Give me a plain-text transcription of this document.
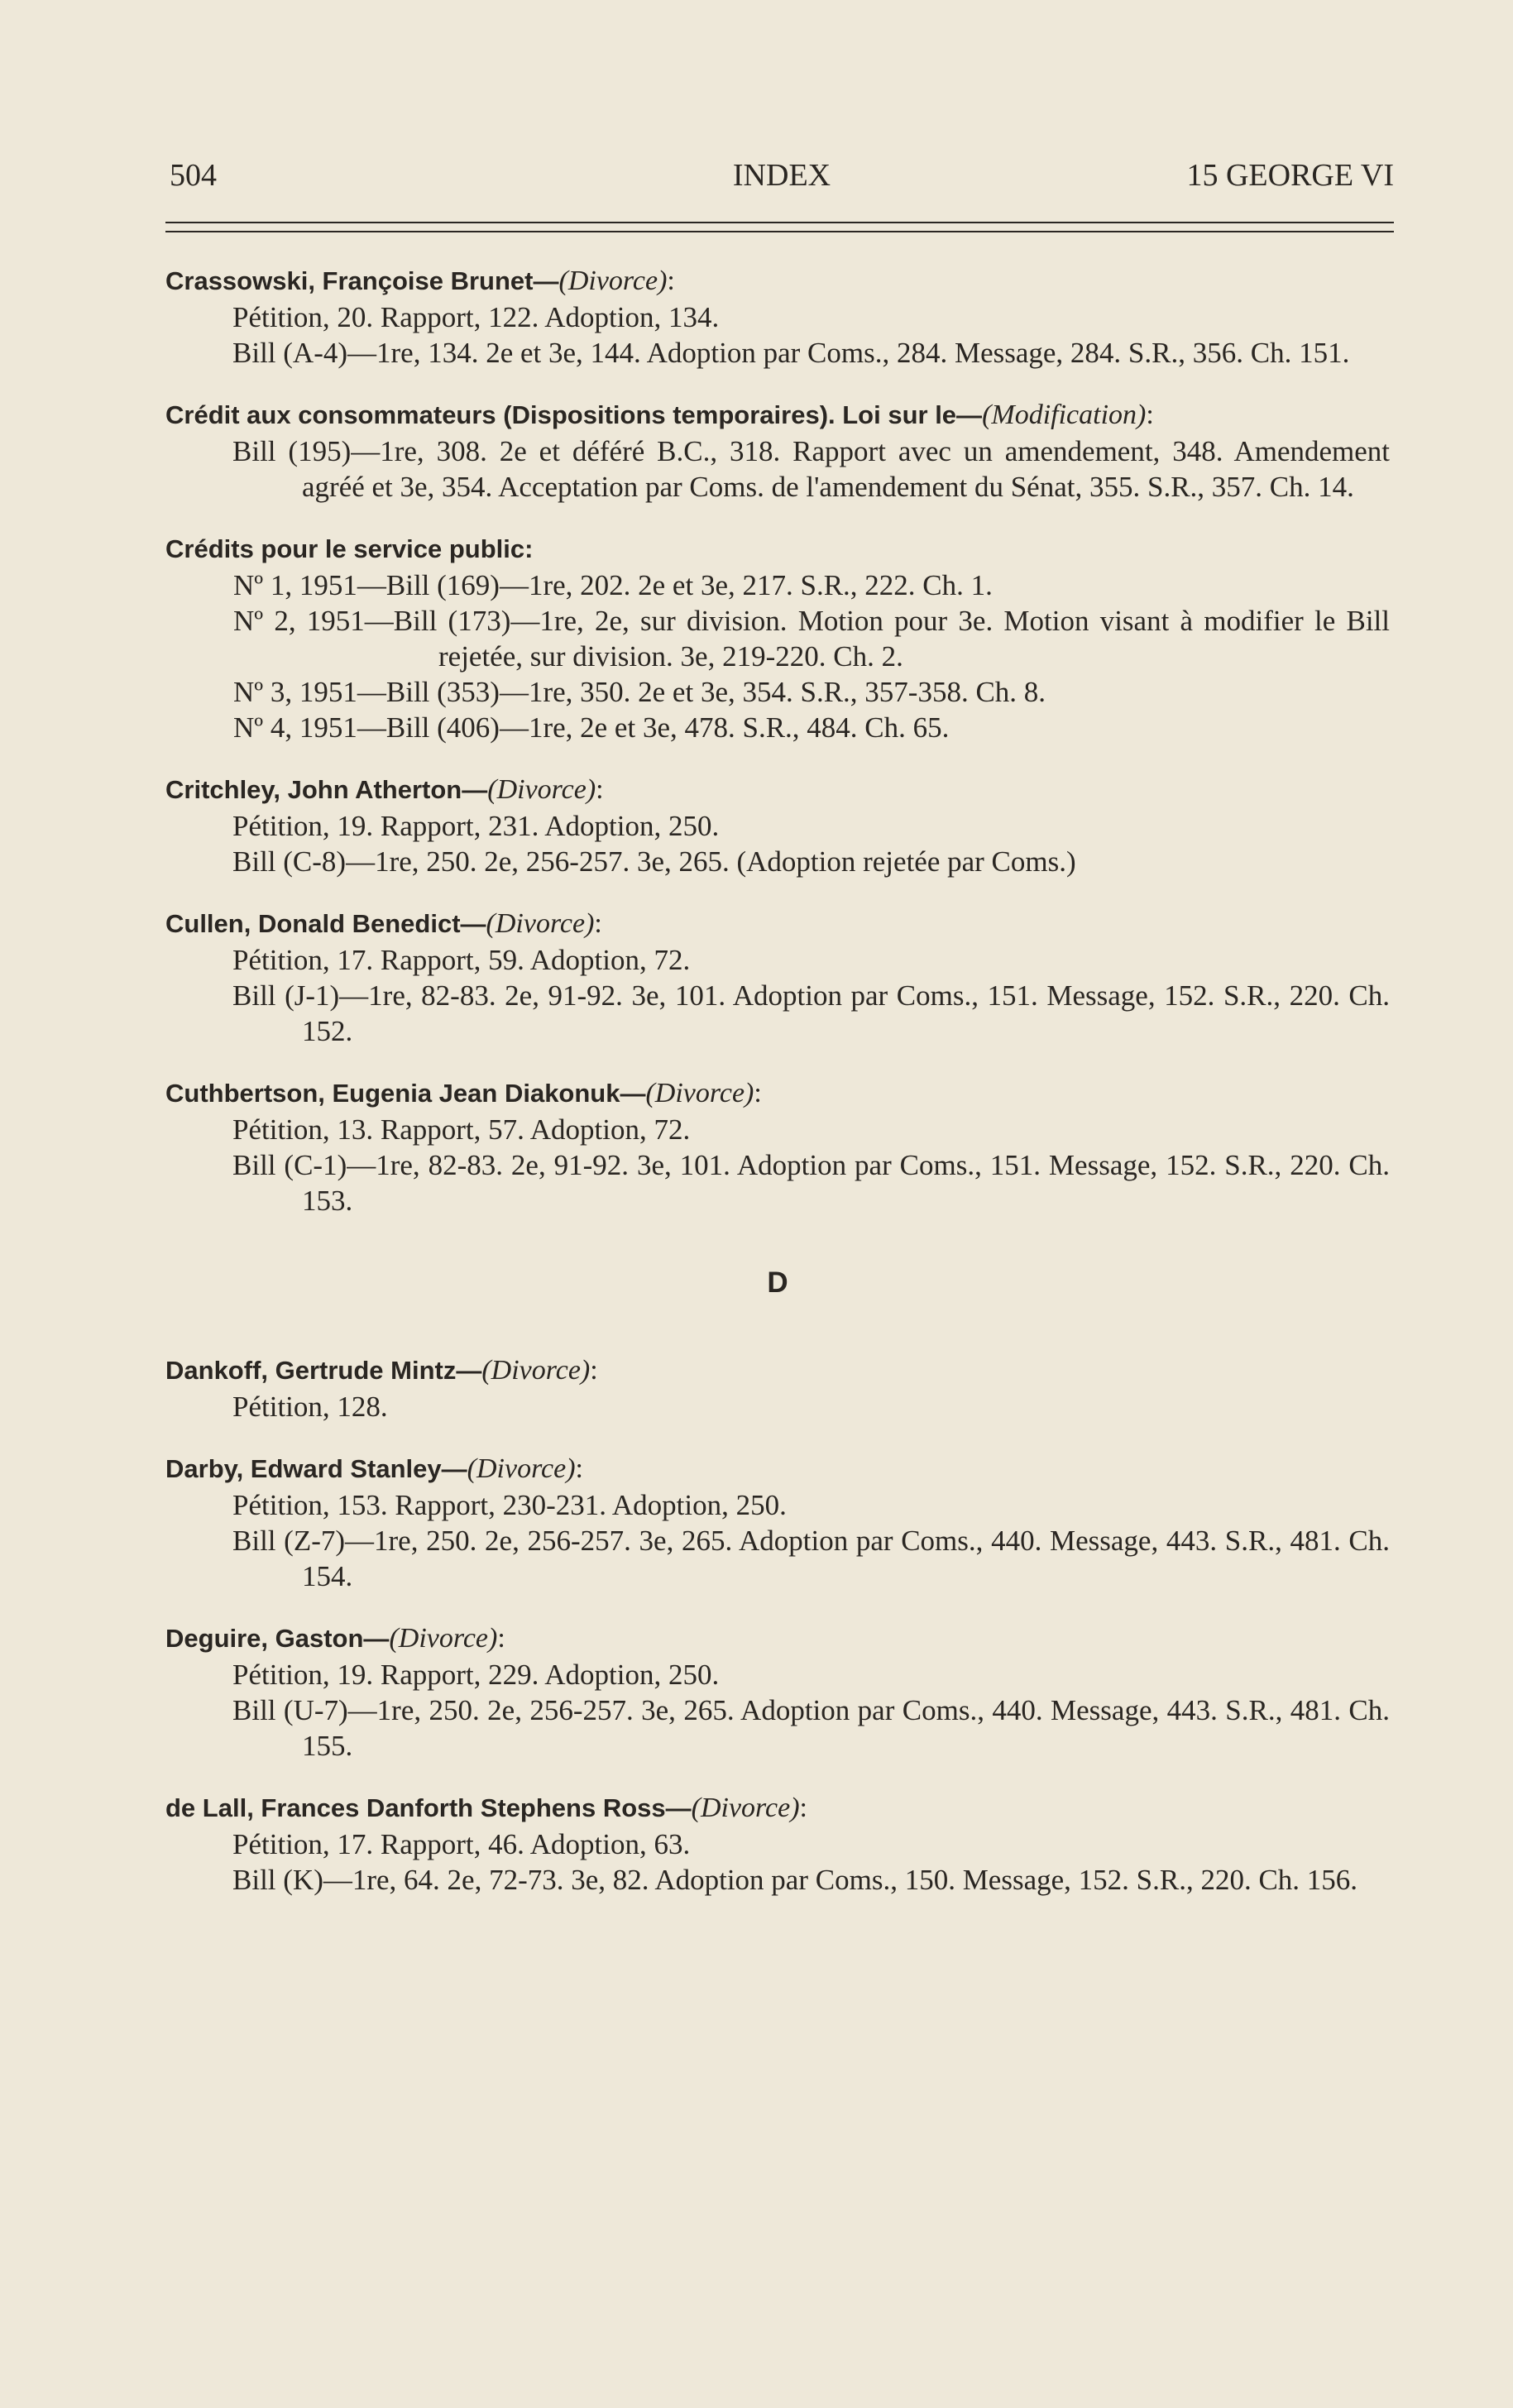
504	INDEX	15 GEORGE VI
Crassowski, Françoise Brunet—(Divorce):
Pétition, 20. Rapport, 122. Adoption, 134.
Bill (A-4)—1re, 134. 2e et 3e, 144. Adoption par Coms., 284. Message, 284. S.R., 356. Ch. 151.
Crédit aux consommateurs (Dispositions temporaires). Loi sur le—(Modification):
Bill (195)—1re, 308. 2e et déféré B.C., 318. Rapport avec un amendement, 348. Amendement agréé et 3e, 354. Acceptation par Coms. de l'amendement du Sénat, 355. S.R., 357. Ch. 14.
Crédits pour le service public:
Nº 1, 1951—Bill (169)—1re, 202. 2e et 3e, 217. S.R., 222. Ch. 1.
Nº 2, 1951—Bill (173)—1re, 2e, sur division. Motion pour 3e. Motion visant à modifier le Bill rejetée, sur division. 3e, 219-220. Ch. 2.
Nº 3, 1951—Bill (353)—1re, 350. 2e et 3e, 354. S.R., 357-358. Ch. 8.
Nº 4, 1951—Bill (406)—1re, 2e et 3e, 478. S.R., 484. Ch. 65.
Critchley, John Atherton—(Divorce):
Pétition, 19. Rapport, 231. Adoption, 250.
Bill (C-8)—1re, 250. 2e, 256-257. 3e, 265. (Adoption rejetée par Coms.)
Cullen, Donald Benedict—(Divorce):
Pétition, 17. Rapport, 59. Adoption, 72.
Bill (J-1)—1re, 82-83. 2e, 91-92. 3e, 101. Adoption par Coms., 151. Message, 152. S.R., 220. Ch. 152.
Cuthbertson, Eugenia Jean Diakonuk—(Divorce):
Pétition, 13. Rapport, 57. Adoption, 72.
Bill (C-1)—1re, 82-83. 2e, 91-92. 3e, 101. Adoption par Coms., 151. Message, 152. S.R., 220. Ch. 153.
D
Dankoff, Gertrude Mintz—(Divorce):
Pétition, 128.
Darby, Edward Stanley—(Divorce):
Pétition, 153. Rapport, 230-231. Adoption, 250.
Bill (Z-7)—1re, 250. 2e, 256-257. 3e, 265. Adoption par Coms., 440. Message, 443. S.R., 481. Ch. 154.
Deguire, Gaston—(Divorce):
Pétition, 19. Rapport, 229. Adoption, 250.
Bill (U-7)—1re, 250. 2e, 256-257. 3e, 265. Adoption par Coms., 440. Message, 443. S.R., 481. Ch. 155.
de Lall, Frances Danforth Stephens Ross—(Divorce):
Pétition, 17. Rapport, 46. Adoption, 63.
Bill (K)—1re, 64. 2e, 72-73. 3e, 82. Adoption par Coms., 150. Message, 152. S.R., 220. Ch. 156.
